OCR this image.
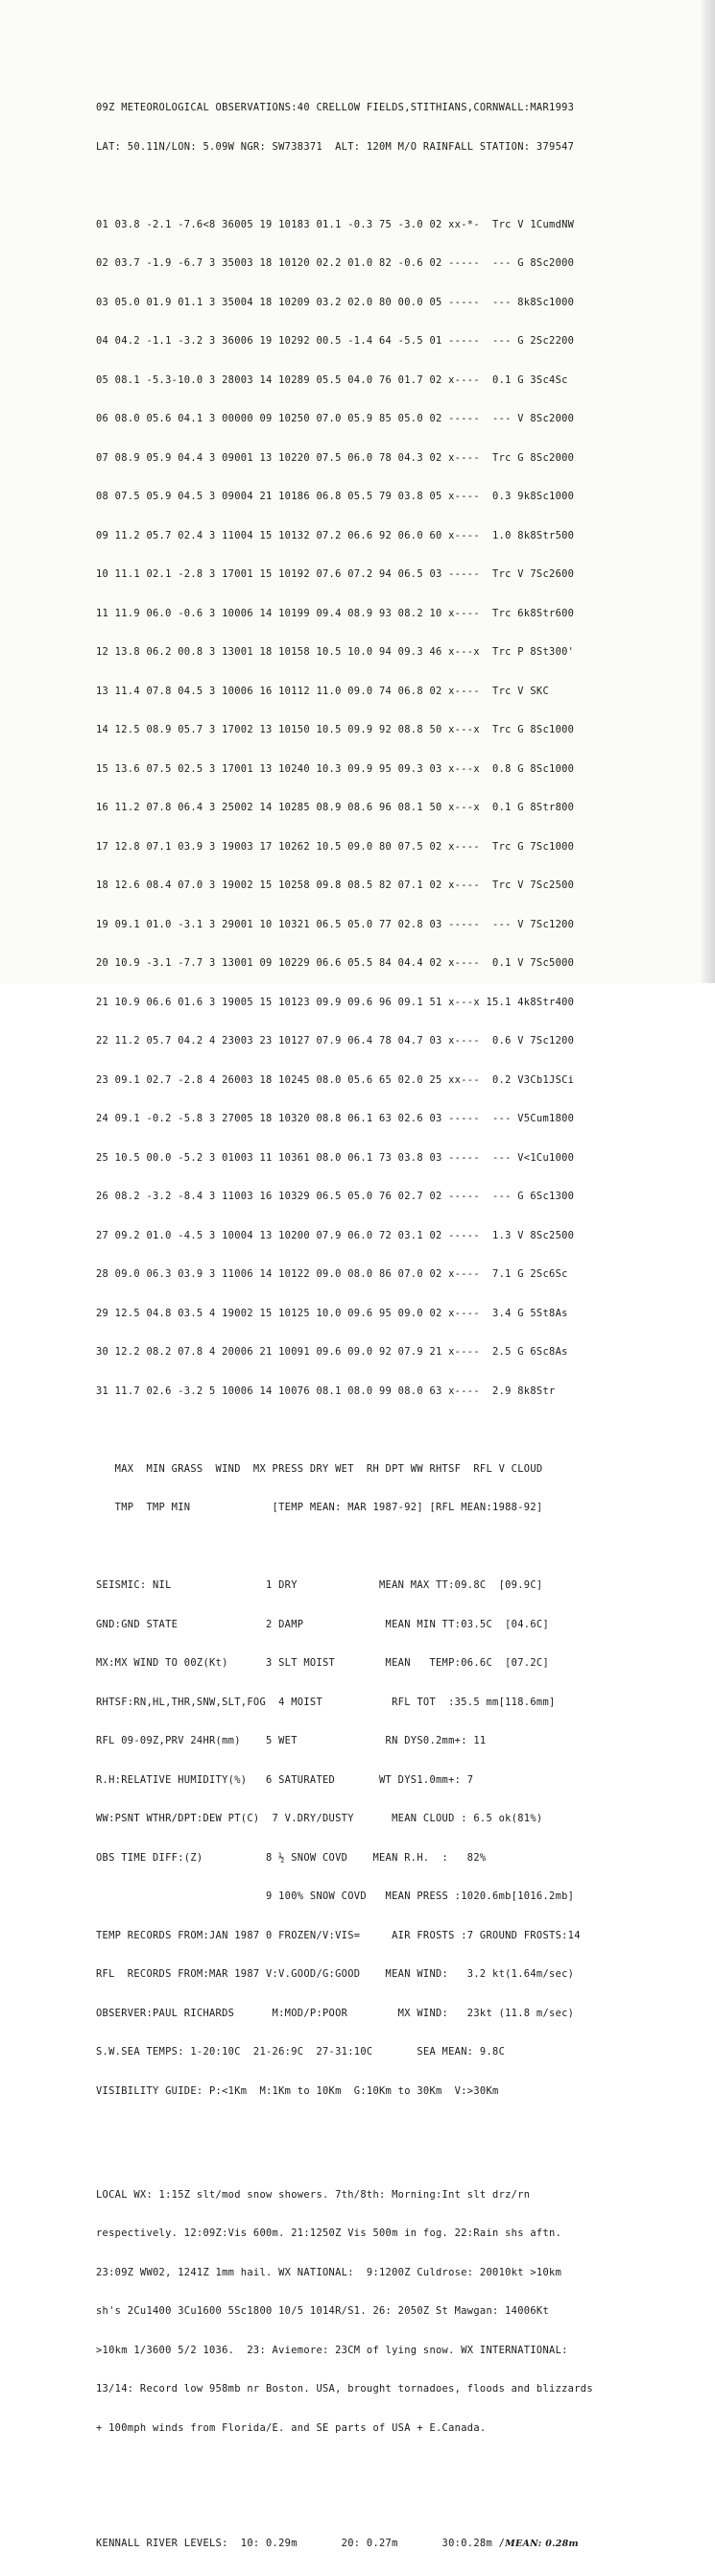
09Z METEOROLOGICAL OBSERVATIONS:40 CRELLOW FIELDS,STITHIANS,CORNWALL:MAR1993

LAT: 50.11N/LON: 5.09W NGR: SW738371  ALT: 120M M/O RAINFALL STATION: 379547

01 03.8 -2.1 -7.6<8 36005 19 10183 01.1 -0.3 75 -3.0 02 xx-*-  Trc V 1CumdNW

02 03.7 -1.9 -6.7 3 35003 18 10120 02.2 01.0 82 -0.6 02 -----  --- G 8Sc2000

03 05.0 01.9 01.1 3 35004 18 10209 03.2 02.0 80 00.0 05 -----  --- 8k8Sc1000

04 04.2 -1.1 -3.2 3 36006 19 10292 00.5 -1.4 64 -5.5 01 -----  --- G 2Sc2200

05 08.1 -5.3-10.0 3 28003 14 10289 05.5 04.0 76 01.7 02 x----  0.1 G 3Sc4Sc

06 08.0 05.6 04.1 3 00000 09 10250 07.0 05.9 85 05.0 02 -----  --- V 8Sc2000

07 08.9 05.9 04.4 3 09001 13 10220 07.5 06.0 78 04.3 02 x----  Trc G 8Sc2000

08 07.5 05.9 04.5 3 09004 21 10186 06.8 05.5 79 03.8 05 x----  0.3 9k8Sc1000

09 11.2 05.7 02.4 3 11004 15 10132 07.2 06.6 92 06.0 60 x----  1.0 8k8Str500

10 11.1 02.1 -2.8 3 17001 15 10192 07.6 07.2 94 06.5 03 -----  Trc V 7Sc2600

11 11.9 06.0 -0.6 3 10006 14 10199 09.4 08.9 93 08.2 10 x----  Trc 6k8Str600

12 13.8 06.2 00.8 3 13001 18 10158 10.5 10.0 94 09.3 46 x---x  Trc P 8St300'

13 11.4 07.8 04.5 3 10006 16 10112 11.0 09.0 74 06.8 02 x----  Trc V SKC

14 12.5 08.9 05.7 3 17002 13 10150 10.5 09.9 92 08.8 50 x---x  Trc G 8Sc1000

15 13.6 07.5 02.5 3 17001 13 10240 10.3 09.9 95 09.3 03 x---x  0.8 G 8Sc1000

16 11.2 07.8 06.4 3 25002 14 10285 08.9 08.6 96 08.1 50 x---x  0.1 G 8Str800

17 12.8 07.1 03.9 3 19003 17 10262 10.5 09.0 80 07.5 02 x----  Trc G 7Sc1000

18 12.6 08.4 07.0 3 19002 15 10258 09.8 08.5 82 07.1 02 x----  Trc V 7Sc2500

19 09.1 01.0 -3.1 3 29001 10 10321 06.5 05.0 77 02.8 03 -----  --- V 7Sc1200

20 10.9 -3.1 -7.7 3 13001 09 10229 06.6 05.5 84 04.4 02 x----  0.1 V 7Sc5000

21 10.9 06.6 01.6 3 19005 15 10123 09.9 09.6 96 09.1 51 x---x 15.1 4k8Str400

22 11.2 05.7 04.2 4 23003 23 10127 07.9 06.4 78 04.7 03 x----  0.6 V 7Sc1200

23 09.1 02.7 -2.8 4 26003 18 10245 08.0 05.6 65 02.0 25 xx---  0.2 V3Cb1JSCi

24 09.1 -0.2 -5.8 3 27005 18 10320 08.8 06.1 63 02.6 03 -----  --- V5Cum1800

25 10.5 00.0 -5.2 3 01003 11 10361 08.0 06.1 73 03.8 03 -----  --- V<1Cu1000

26 08.2 -3.2 -8.4 3 11003 16 10329 06.5 05.0 76 02.7 02 -----  --- G 6Sc1300

27 09.2 01.0 -4.5 3 10004 13 10200 07.9 06.0 72 03.1 02 -----  1.3 V 8Sc2500

28 09.0 06.3 03.9 3 11006 14 10122 09.0 08.0 86 07.0 02 x----  7.1 G 2Sc6Sc

29 12.5 04.8 03.5 4 19002 15 10125 10.0 09.6 95 09.0 02 x----  3.4 G 5St8As

30 12.2 08.2 07.8 4 20006 21 10091 09.6 09.0 92 07.9 21 x----  2.5 G 6Sc8As

31 11.7 02.6 -3.2 5 10006 14 10076 08.1 08.0 99 08.0 63 x----  2.9 8k8Str

MAX  MIN GRASS  WIND  MX PRESS DRY WET  RH DPT WW RHTSF  RFL V CLOUD

TMP  TMP MIN             [TEMP MEAN: MAR 1987-92] [RFL MEAN:1988-92]

SEISMIC: NIL               1 DRY             MEAN MAX TT:09.8C  [09.9C]

GND:GND STATE              2 DAMP             MEAN MIN TT:03.5C  [04.6C]

MX:MX WIND TO 00Z(Kt)      3 SLT MOIST        MEAN   TEMP:06.6C  [07.2C]

RHTSF:RN,HL,THR,SNW,SLT,FOG  4 MOIST           RFL TOT  :35.5 mm[118.6mm]

RFL 09-09Z,PRV 24HR(mm)    5 WET              RN DYS0.2mm+: 11

R.H:RELATIVE HUMIDITY(%)   6 SATURATED       WT DYS1.0mm+: 7

WW:PSNT WTHR/DPT:DEW PT(C)  7 V.DRY/DUSTY      MEAN CLOUD : 6.5 ok(81%)

OBS TIME DIFF:(Z)          8 ½ SNOW COVD    MEAN R.H.  :   82%

9 100% SNOW COVD   MEAN PRESS :1020.6mb[1016.2mb]

TEMP RECORDS FROM:JAN 1987 0 FROZEN/V:VIS=     AIR FROSTS :7 GROUND FROSTS:14

RFL  RECORDS FROM:MAR 1987 V:V.GOOD/G:GOOD    MEAN WIND:   3.2 kt(1.64m/sec)

OBSERVER:PAUL RICHARDS      M:MOD/P:POOR        MX WIND:   23kt (11.8 m/sec)

S.W.SEA TEMPS: 1-20:10C  21-26:9C  27-31:10C       SEA MEAN: 9.8C

VISIBILITY GUIDE: P:<1Km  M:1Km to 10Km  G:10Km to 30Km  V:>30Km

LOCAL WX: 1:15Z slt/mod snow showers. 7th/8th: Morning:Int slt drz/rn

respectively. 12:09Z:Vis 600m. 21:1250Z Vis 500m in fog. 22:Rain shs aftn.

23:09Z WW02, 1241Z 1mm hail. WX NATIONAL:  9:1200Z Culdrose: 20010kt >10km

sh's 2Cu1400 3Cu1600 5Sc1800 10/5 1014R/S1. 26: 2050Z St Mawgan: 14006Kt

>10km 1/3600 5/2 1036.  23: Aviemore: 23CM of lying snow. WX INTERNATIONAL:

13/14: Record low 958mb nr Boston. USA, brought tornadoes, floods and blizzards

+ 100mph winds from Florida/E. and SE parts of USA + E.Canada.

KENNALL RIVER LEVELS:  10: 0.29m       20: 0.27m       30:0.28m /MEAN: 0.28m
